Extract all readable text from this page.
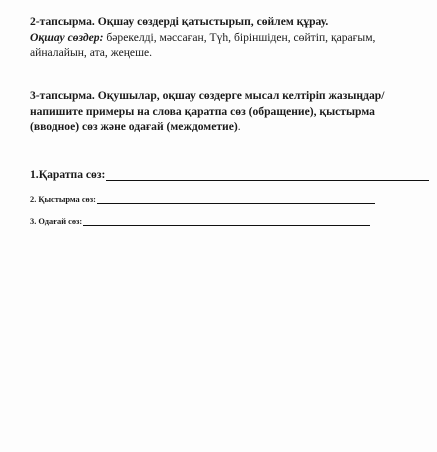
2-тапсырма. Оқшау сөздерді қатыстырып, сөйлем құрау.
Оқшау сөздер: бәрекелді, мәссаған, Түһ, біріншіден, сөйтіп, қарағым, айналайын, ата, жеңеше.
3-тапсырма. Оқушылар, оқшау сөздерге мысал келтіріп жазыңдар/ напишите примеры на слова қаратпа сөз (обращение), қыстырма (вводное) сөз және одағай (междометие).
1.Қаратпа сөз:
2. Қыстырма сөз:
3. Одағай сөз:
